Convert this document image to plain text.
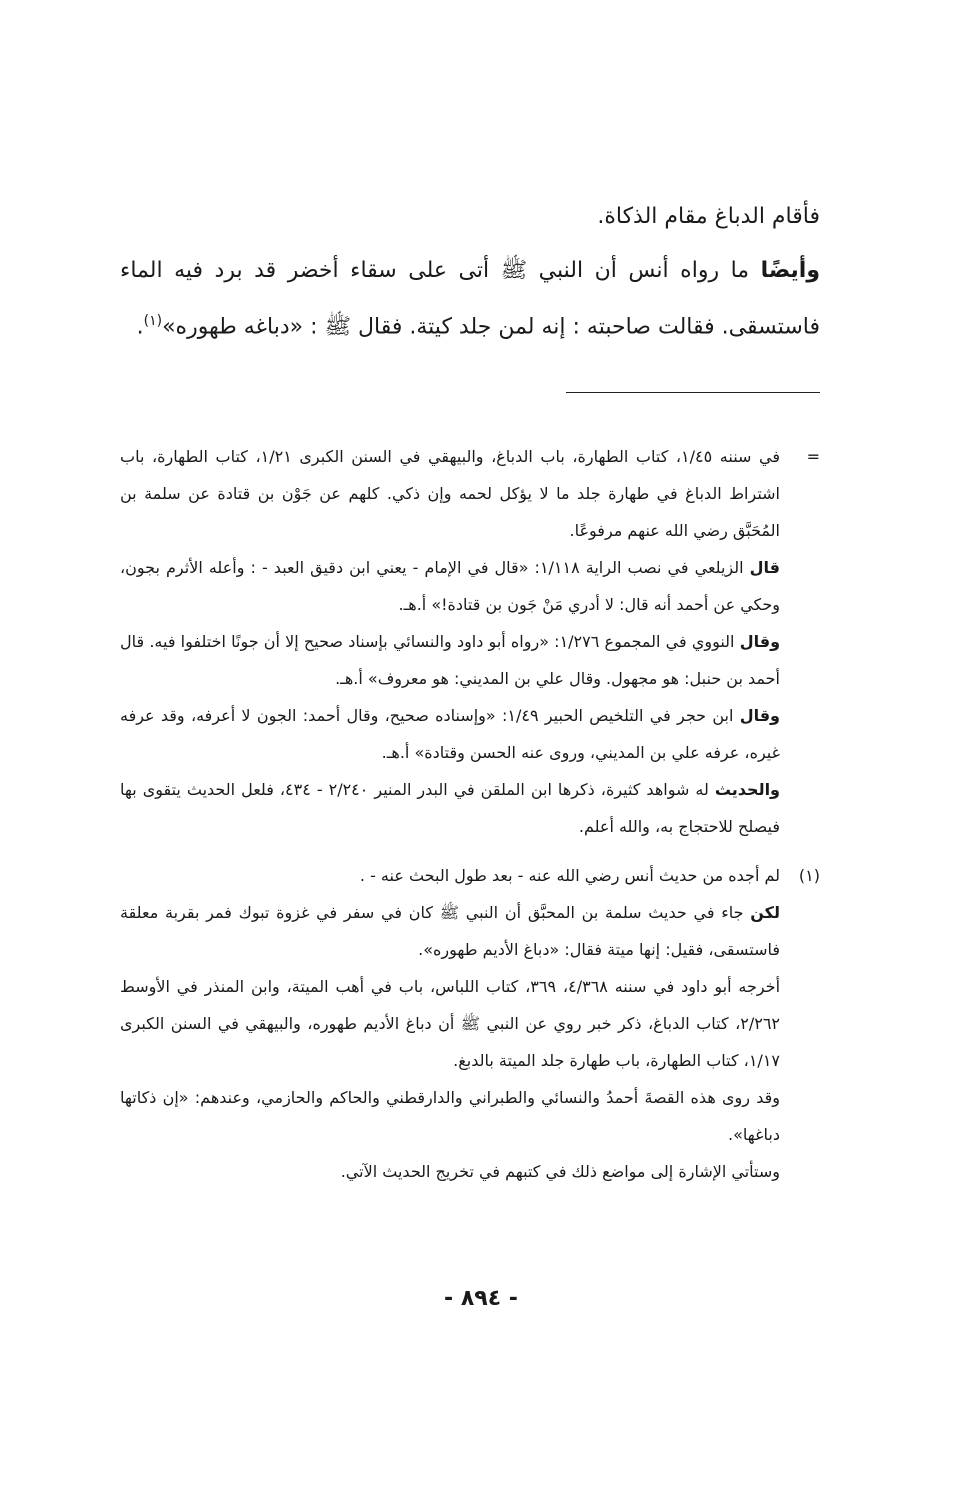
فأقام الدباغ مقام الذكاة.

وأيضًا ما رواه أنس أن النبي ﷺ أتى على سقاء أخضر قد برد فيه الماء فاستسقى. فقالت صاحبته : إنه لمن جلد كيتة. فقال ﷺ : «دباغه طهوره»$^{(١)}$.

=

في سننه ١/٤٥، كتاب الطهارة، باب الدباغ، والبيهقي في السنن الكبرى ١/٢١، كتاب الطهارة، باب اشتراط الدباغ في طهارة جلد ما لا يؤكل لحمه وإن ذكي. كلهم عن جَوْن بن قتادة عن سلمة بن المُحَبَّق رضي الله عنهم مرفوعًا.

قال الزيلعي في نصب الراية ١/١١٨: «قال في الإمام - يعني ابن دقيق العبد - : وأعله الأثرم بجون، وحكي عن أحمد أنه قال: لا أدري مَنْ جَون بن قتادة!» أ.هـ.

وقال النووي في المجموع ١/٢٧٦: «رواه أبو داود والنسائي بإسناد صحيح إلا أن جونًا اختلفوا فيه. قال أحمد بن حنبل: هو مجهول. وقال علي بن المديني: هو معروف» أ.هـ.

وقال ابن حجر في التلخيص الحبير ١/٤٩: «وإسناده صحيح، وقال أحمد: الجون لا أعرفه، وقد عرفه غيره، عرفه علي بن المديني، وروى عنه الحسن وقتادة» أ.هـ.

والحديث له شواهد كثيرة، ذكرها ابن الملقن في البدر المنير ٢/٢٤٠ - ٤٣٤، فلعل الحديث يتقوى بها فيصلح للاحتجاج به، والله أعلم.

(١)

لم أجده من حديث أنس رضي الله عنه - بعد طول البحث عنه - .

لكن جاء في حديث سلمة بن المحبَّق أن النبي ﷺ كان في سفر في غزوة تبوك فمر بقربة معلقة فاستسقى، فقيل: إنها ميتة فقال: «دباغ الأديم طهوره».

أخرجه أبو داود في سننه ٤/٣٦٨، ٣٦٩، كتاب اللباس، باب في أهب الميتة، وابن المنذر في الأوسط ٢/٢٦٢، كتاب الدباغ، ذكر خبر روي عن النبي ﷺ أن دباغ الأديم طهوره، والبيهقي في السنن الكبرى ١/١٧، كتاب الطهارة، باب طهارة جلد الميتة بالدبغ.

وقد روى هذه القصةَ أحمدُ والنسائي والطبراني والدارقطني والحاكم والحازمي، وعندهم: «إن ذكاتها دباغها».

وستأتي الإشارة إلى مواضع ذلك في كتبهم في تخريج الحديث الآتي.

- ٨٩٤ -
